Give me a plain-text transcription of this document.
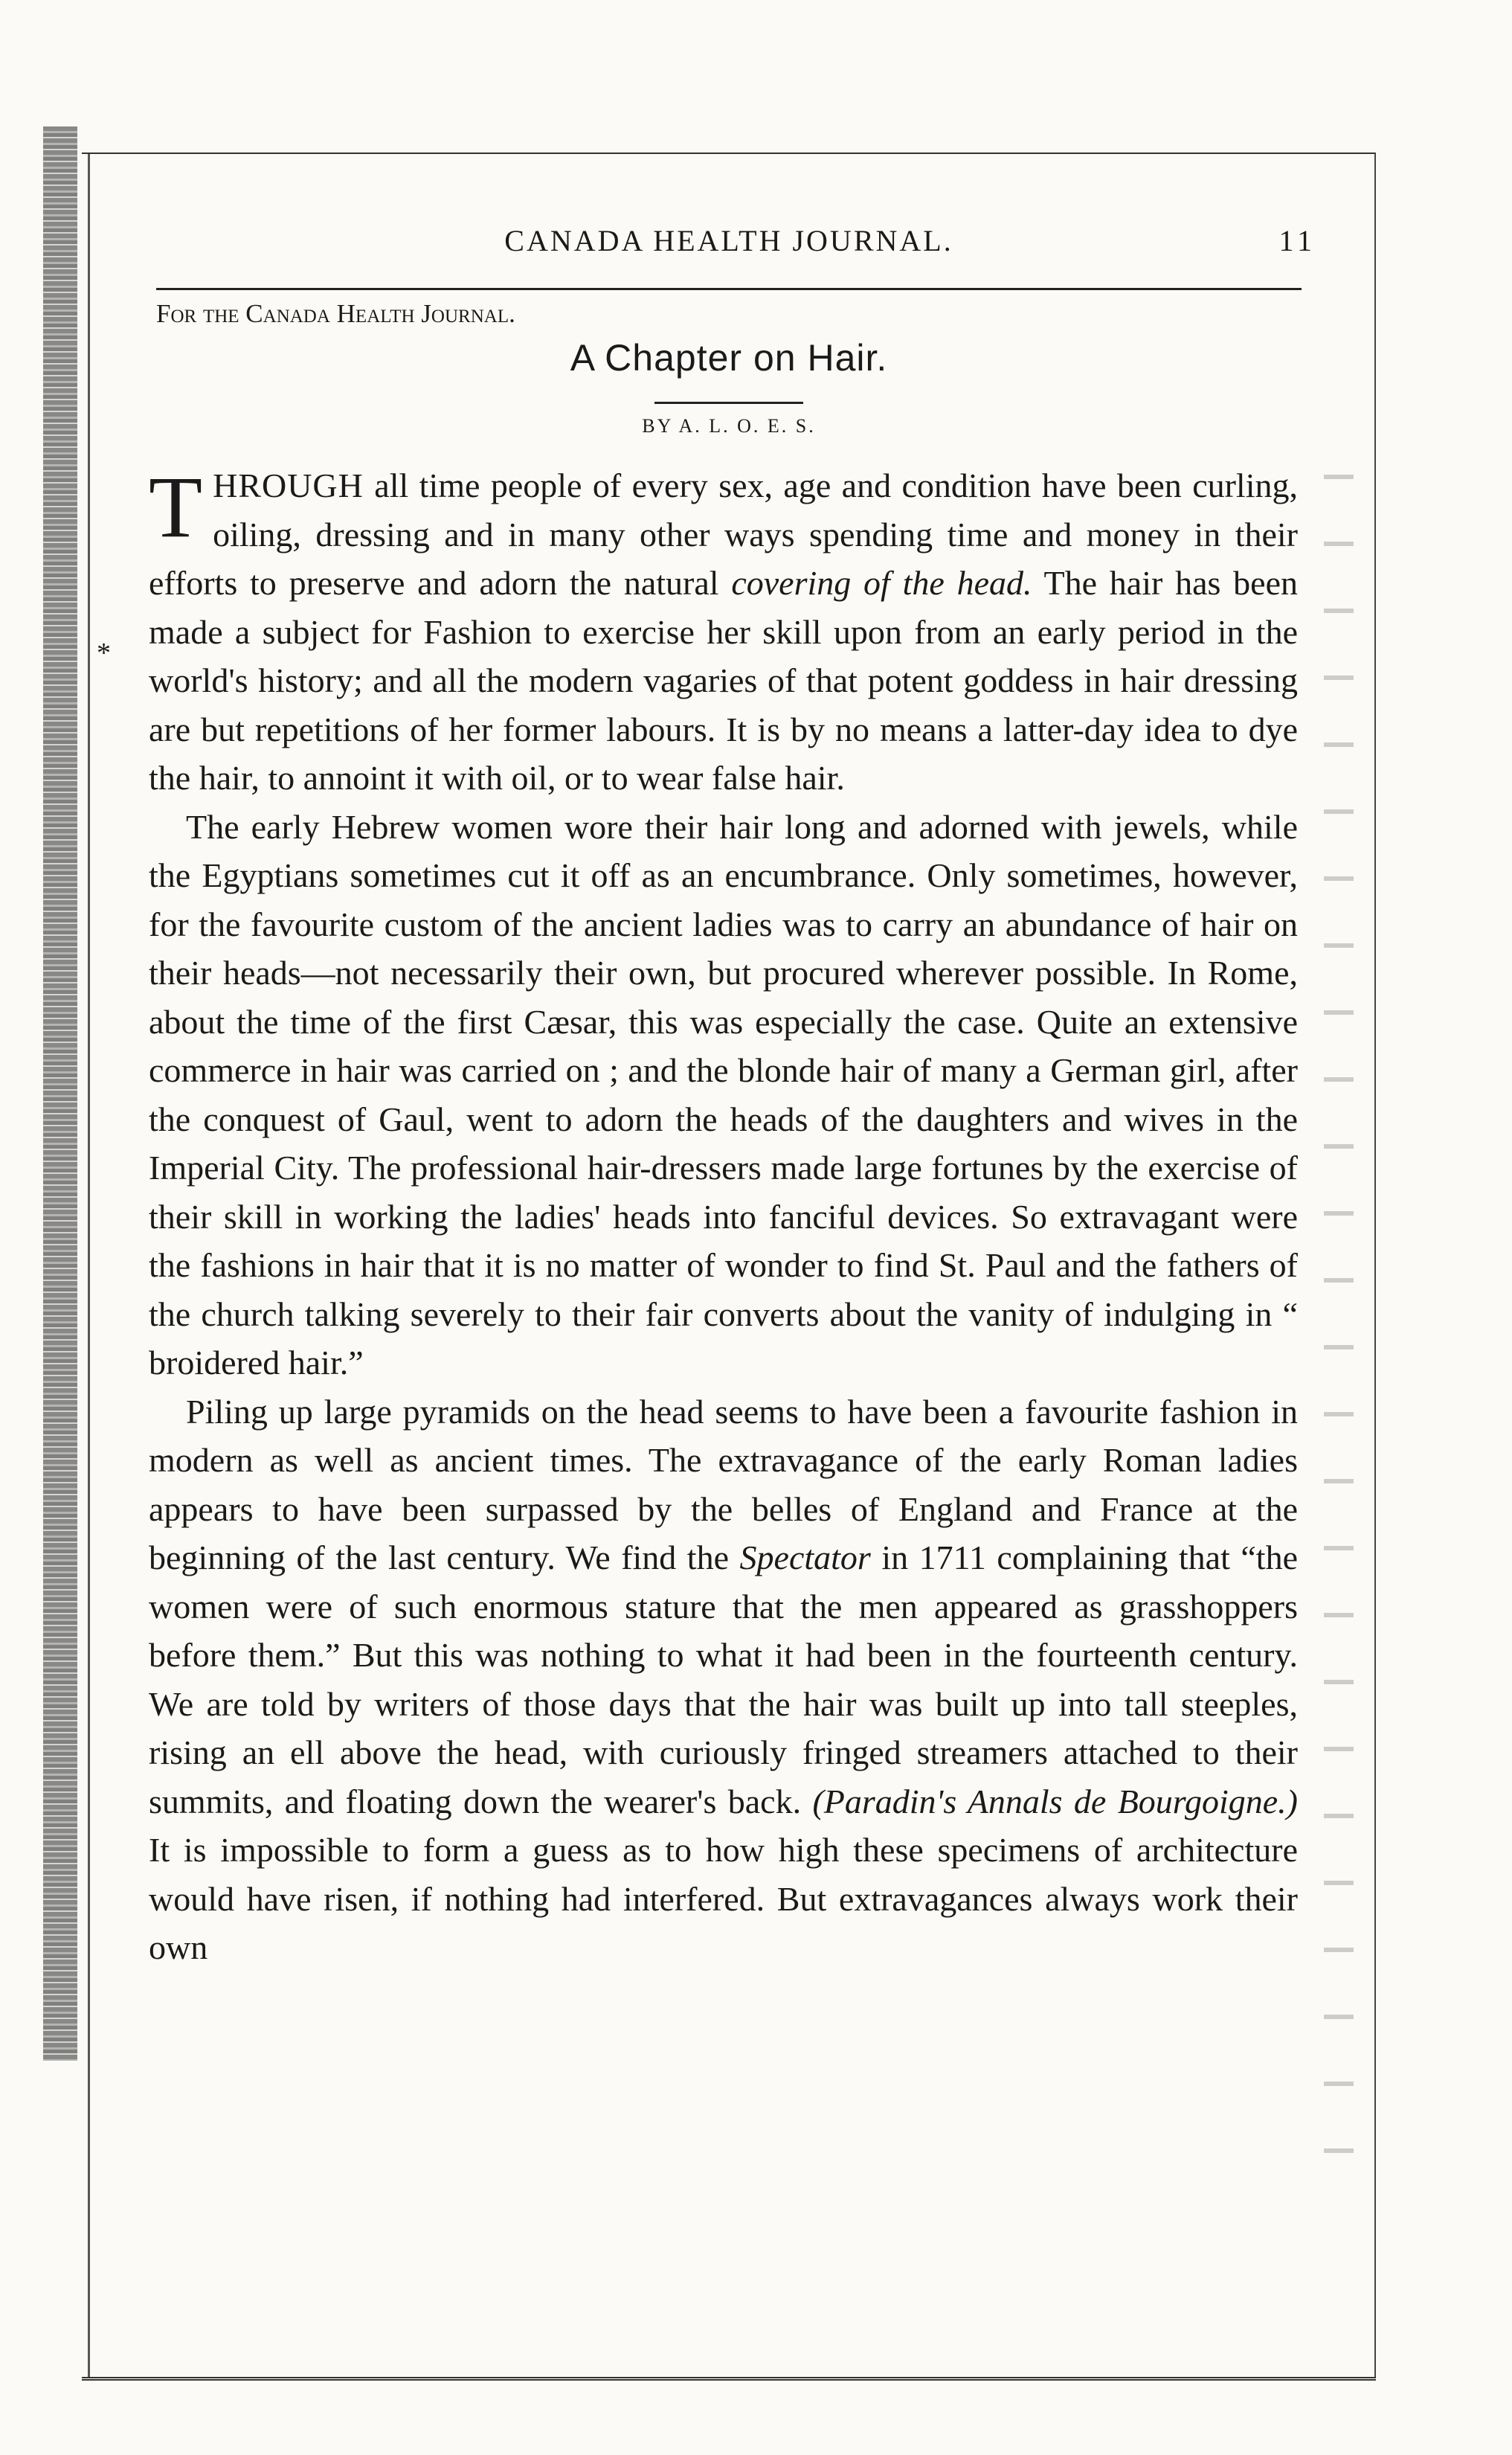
CANADA HEALTH JOURNAL.	11
For the Canada Health Journal.
A Chapter on Hair.
BY A. L. O. E. S.
*

THROUGH all time people of every sex, age and condition have been curling, oiling, dressing and in many other ways spending time and money in their efforts to preserve and adorn the natural covering of the head. The hair has been made a subject for Fashion to exercise her skill upon from an early period in the world's history; and all the modern vagaries of that potent goddess in hair dressing are but repetitions of her former labours. It is by no means a latter-day idea to dye the hair, to annoint it with oil, or to wear false hair.

The early Hebrew women wore their hair long and adorned with jewels, while the Egyptians sometimes cut it off as an encumbrance. Only sometimes, however, for the favourite custom of the ancient ladies was to carry an abundance of hair on their heads—not necessarily their own, but procured wherever possible. In Rome, about the time of the first Cæsar, this was especially the case. Quite an extensive commerce in hair was carried on ; and the blonde hair of many a German girl, after the conquest of Gaul, went to adorn the heads of the daughters and wives in the Imperial City. The professional hair-dressers made large fortunes by the exercise of their skill in working the ladies' heads into fanciful devices. So extravagant were the fashions in hair that it is no matter of wonder to find St. Paul and the fathers of the church talking severely to their fair converts about the vanity of indulging in “ broidered hair.”

Piling up large pyramids on the head seems to have been a favourite fashion in modern as well as ancient times. The extravagance of the early Roman ladies appears to have been surpassed by the belles of England and France at the beginning of the last century. We find the Spectator in 1711 complaining that “the women were of such enormous stature that the men appeared as grasshoppers before them.” But this was nothing to what it had been in the fourteenth century. We are told by writers of those days that the hair was built up into tall steeples, rising an ell above the head, with curiously fringed streamers attached to their summits, and floating down the wearer's back. (Paradin's Annals de Bourgoigne.) It is impossible to form a guess as to how high these specimens of architecture would have risen, if nothing had interfered. But extravagances always work their own
